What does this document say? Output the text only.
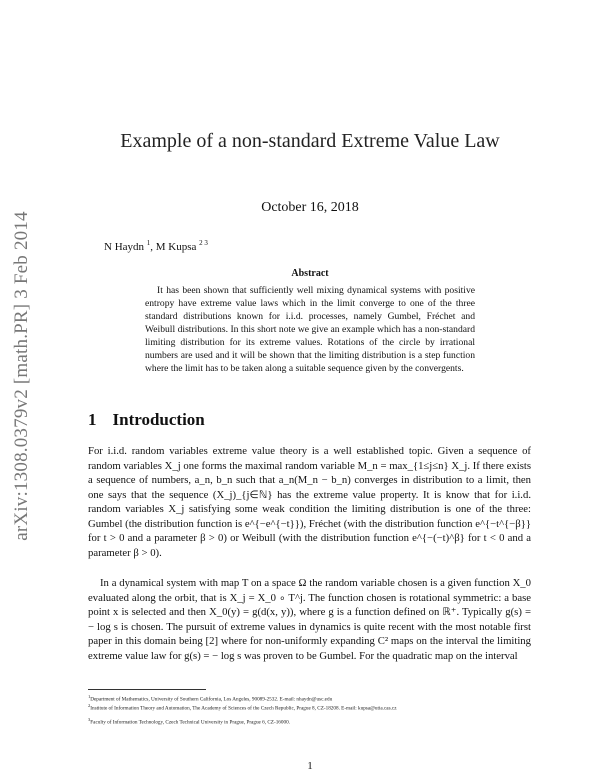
arXiv:1308.0379v2 [math.PR] 3 Feb 2014
Example of a non-standard Extreme Value Law
October 16, 2018
N Haydn $^1$, M Kupsa $^{2 3}$
Abstract

It has been shown that sufficiently well mixing dynamical systems with positive entropy have extreme value laws which in the limit converge to one of the three standard distributions known for i.i.d. processes, namely Gumbel, Fréchet and Weibull distributions. In this short note we give an example which has a non-standard limiting distribution for its extreme values. Rotations of the circle by irrational numbers are used and it will be shown that the limiting distribution is a step function where the limit has to be taken along a suitable sequence given by the convergents.

1 Introduction

For i.i.d. random variables extreme value theory is a well established topic. Given a sequence of random variables X_j one forms the maximal random variable M_n = max_{1≤j≤n} X_j. If there exists a sequence of numbers, a_n, b_n such that a_n(M_n − b_n) converges in distribution to a limit, then one says that the sequence (X_j)_{j∈ℕ} has the extreme value property. It is know that for i.i.d. random variables X_j satisfying some weak condition the limiting distribution is one of the three: Gumbel (the distribution function is e^{−e^{−t}}), Fréchet (with the distribution function e^{−t^{−β}} for t > 0 and a parameter β > 0) or Weibull (with the distribution function e^{−(−t)^β} for t < 0 and a parameter β > 0).

In a dynamical system with map T on a space Ω the random variable chosen is a given function X_0 evaluated along the orbit, that is X_j = X_0 ∘ T^j. The function chosen is rotational symmetric: a base point x is selected and then X_0(y) = g(d(x, y)), where g is a function defined on ℝ⁺. Typically g(s) = − log s is chosen. The pursuit of extreme values in dynamics is quite recent with the most notable first paper in this domain being [2] where for non-uniformly expanding C² maps on the interval the limiting extreme value law for g(s) = − log s was proven to be Gumbel. For the quadratic map on the interval

$^1$Department of Mathematics, University of Southern California, Los Angeles, 90089-2532. E-mail: nhaydn@usc.edu
$^2$Institute of Information Theory and Automation, The Academy of Sciences of the Czech Republic, Prague 8, CZ-18208. E-mail: kupsa@utia.cas.cz
$^3$Faculty of Information Technology, Czech Technical University in Prague, Prague 6, CZ-16000.
1
